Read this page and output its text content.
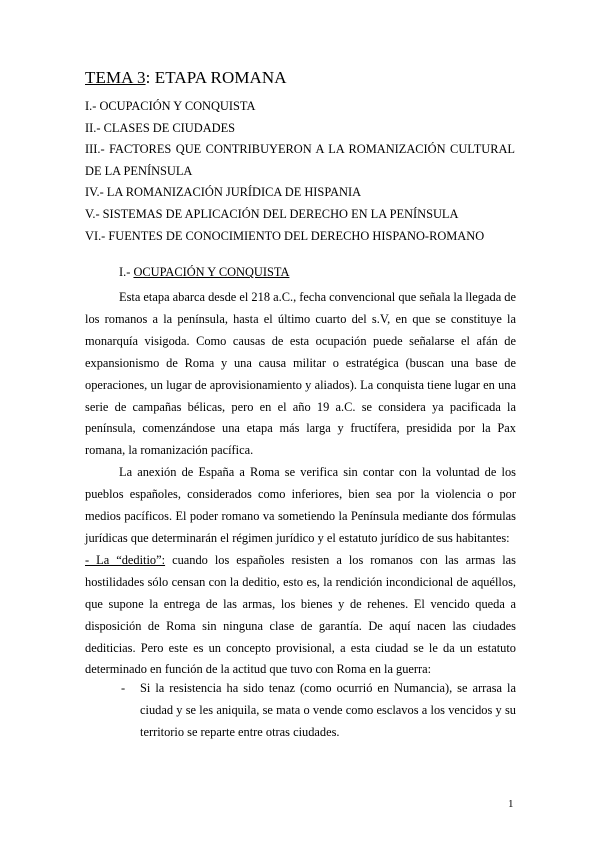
TEMA 3: ETAPA ROMANA
I.- OCUPACIÓN Y CONQUISTA
II.- CLASES DE CIUDADES
III.- FACTORES QUE CONTRIBUYERON A LA ROMANIZACIÓN CULTURAL DE LA PENÍNSULA
IV.- LA ROMANIZACIÓN JURÍDICA DE HISPANIA
V.- SISTEMAS DE APLICACIÓN DEL DERECHO EN LA PENÍNSULA
VI.- FUENTES DE CONOCIMIENTO DEL DERECHO HISPANO-ROMANO
I.- OCUPACIÓN Y CONQUISTA

Esta etapa abarca desde el 218 a.C., fecha convencional que señala la llegada de los romanos a la península, hasta el último cuarto del s.V, en que se constituye la monarquía visigoda. Como causas de esta ocupación puede señalarse el afán de expansionismo de Roma y una causa militar o estratégica (buscan una base de operaciones, un lugar de aprovisionamiento y aliados). La conquista tiene lugar en una serie de campañas bélicas, pero en el año 19 a.C. se considera ya pacificada la península, comenzándose una etapa más larga y fructífera, presidida por la Pax romana, la romanización pacífica.

La anexión de España a Roma se verifica sin contar con la voluntad de los pueblos españoles, considerados como inferiores, bien sea por la violencia o por medios pacíficos. El poder romano va sometiendo la Península mediante dos fórmulas jurídicas que determinarán el régimen jurídico y el estatuto jurídico de sus habitantes:

- La “deditio”: cuando los españoles resisten a los romanos con las armas las hostilidades sólo censan con la deditio, esto es, la rendición incondicional de aquéllos, que supone la entrega de las armas, los bienes y de rehenes. El vencido queda a disposición de Roma sin ninguna clase de garantía. De aquí nacen las ciudades dediticias. Pero este es un concepto provisional, a esta ciudad se le da un estatuto determinado en función de la actitud que tuvo con Roma en la guerra:

- Si la resistencia ha sido tenaz (como ocurrió en Numancia), se arrasa la ciudad y se les aniquila, se mata o vende como esclavos a los vencidos y su territorio se reparte entre otras ciudades.
1
